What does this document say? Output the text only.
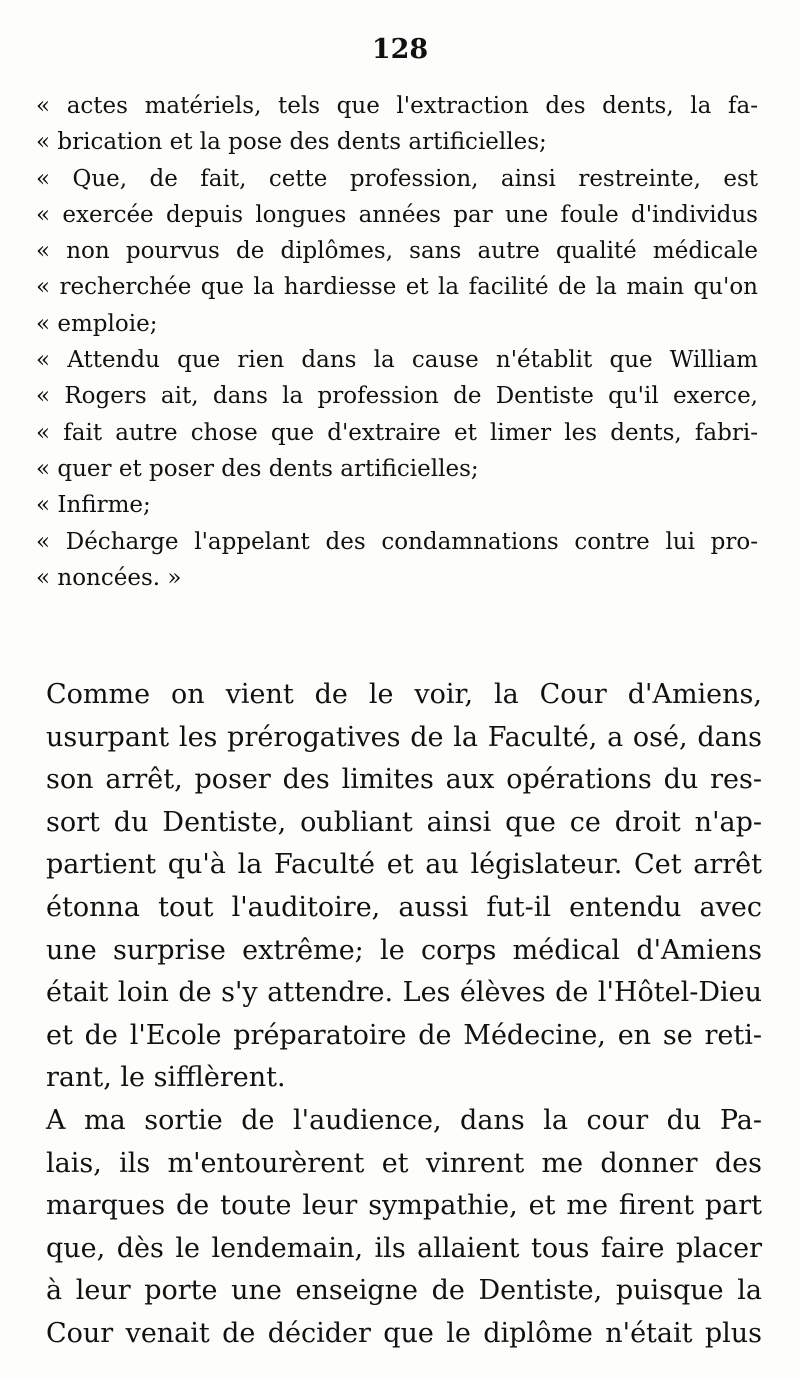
128
« actes matériels, tels que l'extraction des dents, la fa-
« brication et la pose des dents artificielles;
« Que, de fait, cette profession, ainsi restreinte, est
« exercée depuis longues années par une foule d'individus
« non pourvus de diplômes, sans autre qualité médicale
« recherchée que la hardiesse et la facilité de la main qu'on
« emploie;
« Attendu que rien dans la cause n'établit que William
« Rogers ait, dans la profession de Dentiste qu'il exerce,
« fait autre chose que d'extraire et limer les dents, fabri-
« quer et poser des dents artificielles;
« Infirme;
« Décharge l'appelant des condamnations contre lui pro-
« noncées. »
Comme on vient de le voir, la Cour d'Amiens,
usurpant les prérogatives de la Faculté, a osé, dans
son arrêt, poser des limites aux opérations du res-
sort du Dentiste, oubliant ainsi que ce droit n'ap-
partient qu'à la Faculté et au législateur. Cet arrêt
étonna tout l'auditoire, aussi fut-il entendu avec
une surprise extrême; le corps médical d'Amiens
était loin de s'y attendre. Les élèves de l'Hôtel-Dieu
et de l'Ecole préparatoire de Médecine, en se reti-
rant, le sifflèrent.
A ma sortie de l'audience, dans la cour du Pa-
lais, ils m'entourèrent et vinrent me donner des
marques de toute leur sympathie, et me firent part
que, dès le lendemain, ils allaient tous faire placer
à leur porte une enseigne de Dentiste, puisque la
Cour venait de décider que le diplôme n'était plus
